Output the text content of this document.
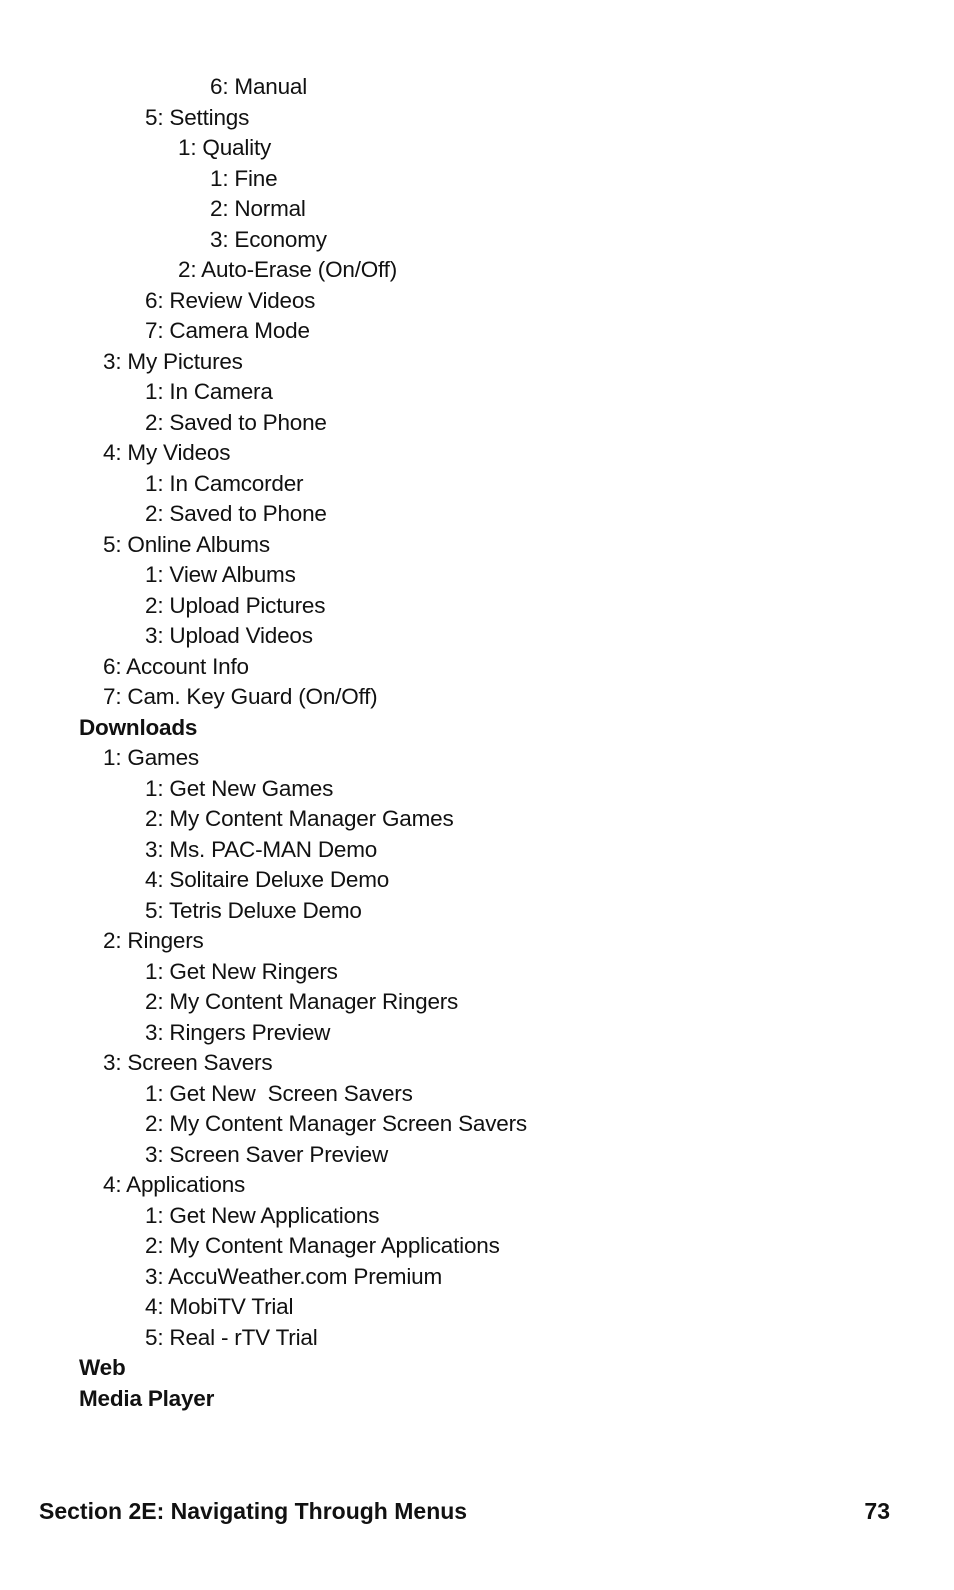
6: Manual
5: Settings
1: Quality
1: Fine
2: Normal
3: Economy
2: Auto-Erase (On/Off)
6: Review Videos
7: Camera Mode
3: My Pictures
1: In Camera
2: Saved to Phone
4: My Videos
1: In Camcorder
2: Saved to Phone
5: Online Albums
1: View Albums
2: Upload Pictures
3: Upload Videos
6: Account Info
7: Cam. Key Guard (On/Off)
Downloads
1: Games
1: Get New Games
2: My Content Manager Games
3: Ms. PAC-MAN Demo
4: Solitaire Deluxe Demo
5: Tetris Deluxe Demo
2: Ringers
1: Get New Ringers
2: My Content Manager Ringers
3: Ringers Preview
3: Screen Savers
1: Get New  Screen Savers
2: My Content Manager Screen Savers
3: Screen Saver Preview
4: Applications
1: Get New Applications
2: My Content Manager Applications
3: AccuWeather.com Premium
4: MobiTV Trial
5: Real - rTV Trial
Web
Media Player
Section 2E: Navigating Through Menus	73
